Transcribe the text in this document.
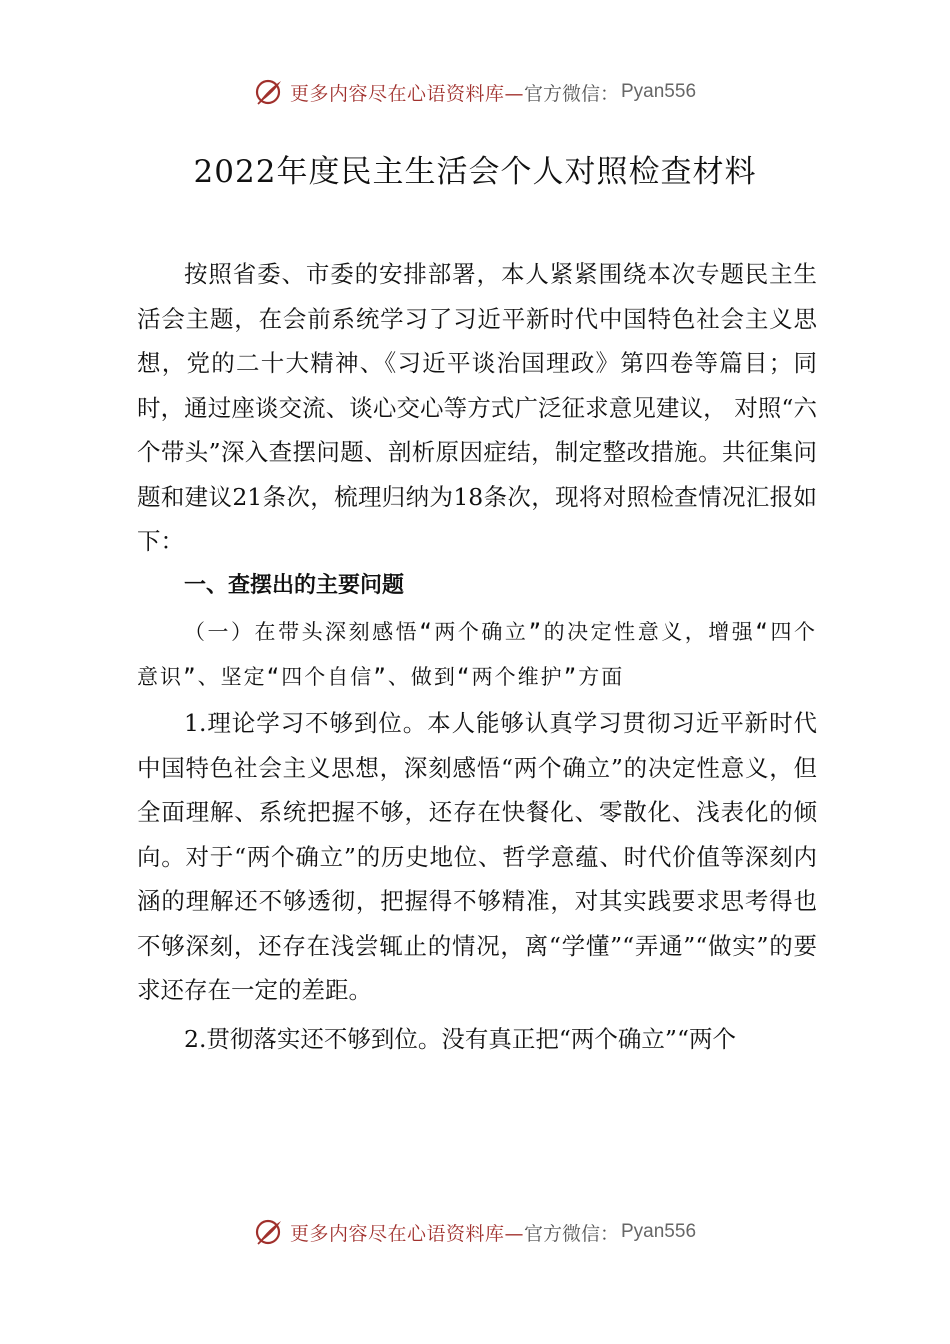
更多内容尽在心语资料库— 官方微信： Pyan556
2022年度民主生活会个人对照检查材料

按照省委、市委的安排部署，本人紧紧围绕本次专题民主生活会主题，在会前系统学习了习近平新时代中国特色社会主义思想，党的二十大精神、《习近平谈治国理政》第四卷等篇目；同时，通过座谈交流、谈心交心等方式广泛征求意见建议， 对照“六个带头”深入查摆问题、剖析原因症结，制定整改措施。共征集问题和建议21条次，梳理归纳为18条次，现将对照检查情况汇报如下：

一、查摆出的主要问题

（一）在带头深刻感悟“两个确立”的决定性意义，增强“四个意识”、坚定“四个自信”、做到“两个维护”方面

1.理论学习不够到位。本人能够认真学习贯彻习近平新时代中国特色社会主义思想，深刻感悟“两个确立”的决定性意义，但全面理解、系统把握不够，还存在快餐化、零散化、浅表化的倾向。对于“两个确立”的历史地位、哲学意蕴、时代价值等深刻内涵的理解还不够透彻，把握得不够精准，对其实践要求思考得也不够深刻，还存在浅尝辄止的情况，离“学懂”“弄通”“做实”的要求还存在一定的差距。

2.贯彻落实还不够到位。没有真正把“两个确立”“两个

更多内容尽在心语资料库— 官方微信： Pyan556
